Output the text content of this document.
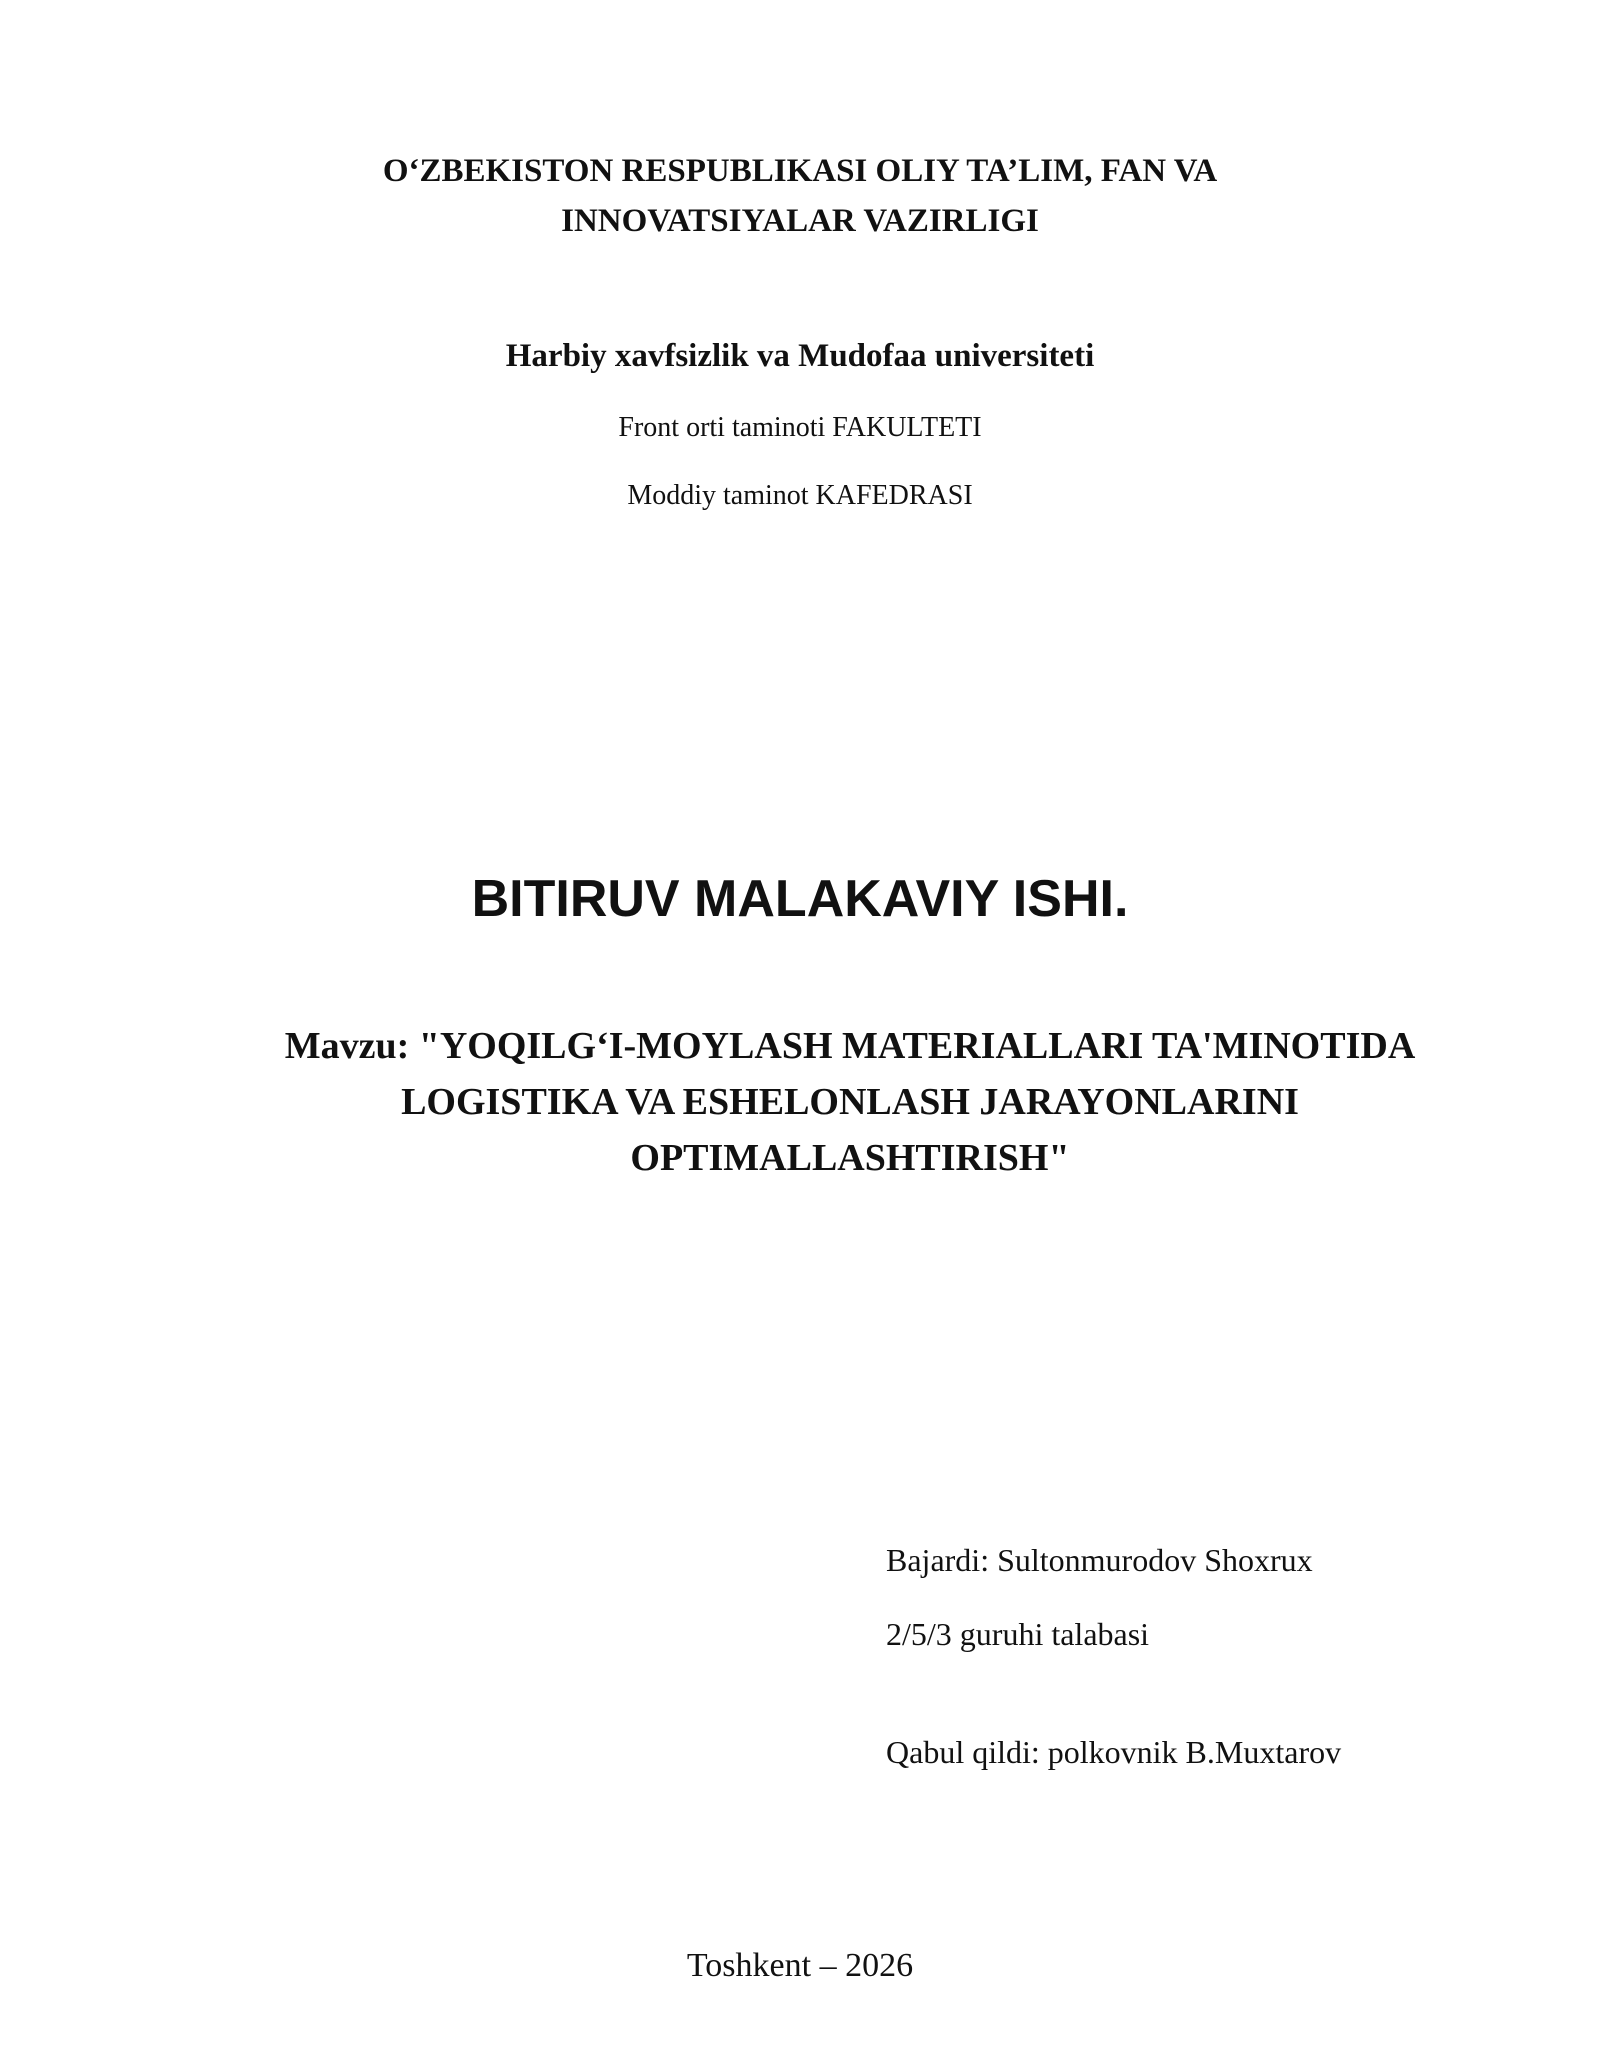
O‘ZBEKISTON RESPUBLIKASI OLIY TA’LIM, FAN VA
INNOVATSIYALAR VAZIRLIGI
Harbiy xavfsizlik va Mudofaa universiteti
Front orti taminoti FAKULTETI
Moddiy taminot KAFEDRASI
BITIRUV MALAKAVIY ISHI.
Mavzu: "YOQILG‘I-MOYLASH MATERIALLARI TA'MINOTIDA
LOGISTIKA VA ESHELONLASH JARAYONLARINI
OPTIMALLASHTIRISH"
Bajardi: Sultonmurodov Shoxrux
2/5/3 guruhi talabasi
Qabul qildi: polkovnik B.Muxtarov
Toshkent – 2026
